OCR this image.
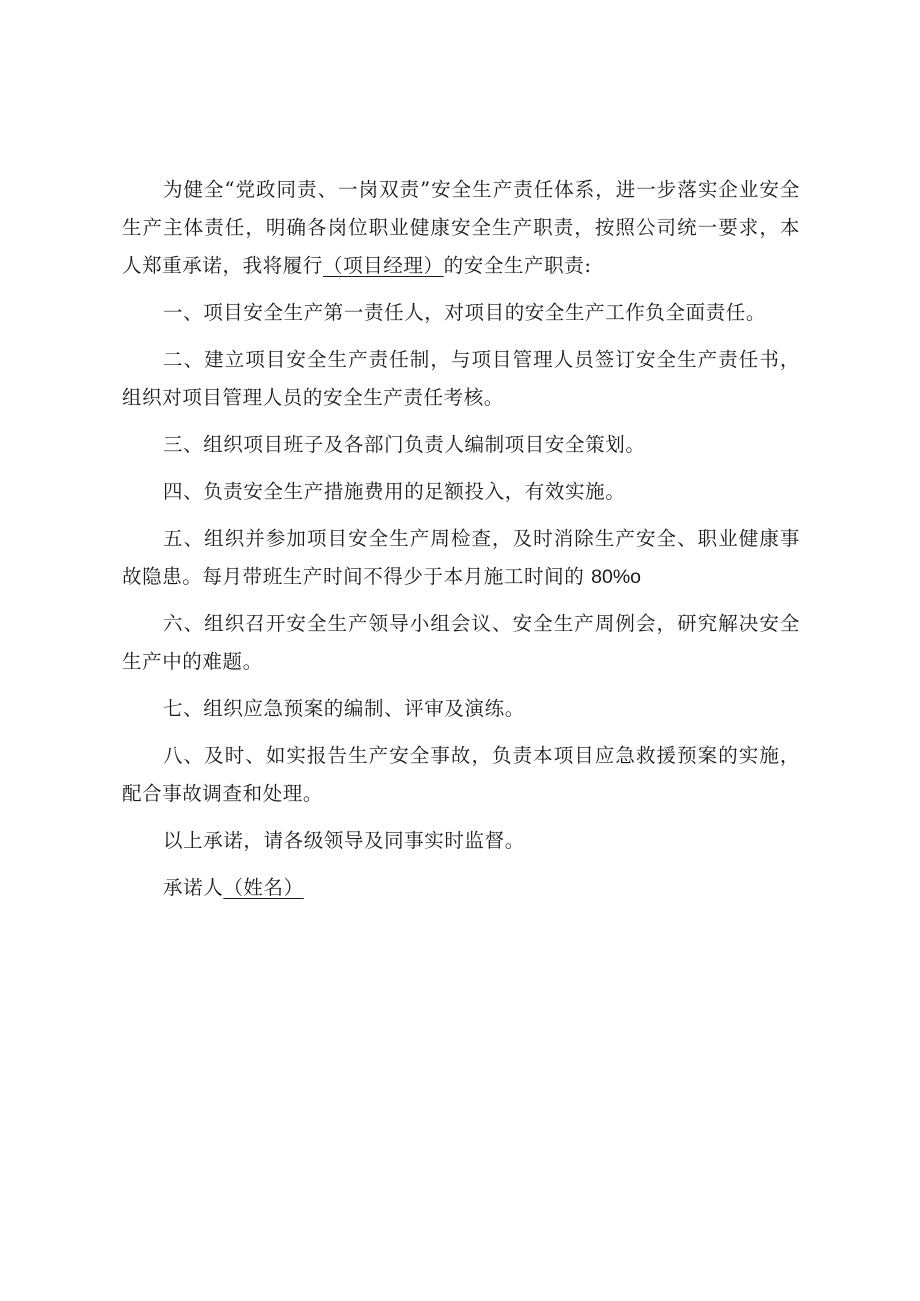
为健全“党政同责、一岗双责”安全生产责任体系，进一步落实企业安全生产主体责任，明确各岗位职业健康安全生产职责，按照公司统一要求，本人郑重承诺，我将履行（项目经理）的安全生产职责:

一、项目安全生产第一责任人，对项目的安全生产工作负全面责任。

二、建立项目安全生产责任制，与项目管理人员签订安全生产责任书，组织对项目管理人员的安全生产责任考核。

三、组织项目班子及各部门负责人编制项目安全策划。

四、负责安全生产措施费用的足额投入，有效实施。

五、组织并参加项目安全生产周检查，及时消除生产安全、职业健康事故隐患。每月带班生产时间不得少于本月施工时间的 80%o

六、组织召开安全生产领导小组会议、安全生产周例会，研究解决安全生产中的难题。

七、组织应急预案的编制、评审及演练。

八、及时、如实报告生产安全事故，负责本项目应急救援预案的实施，配合事故调查和处理。

以上承诺，请各级领导及同事实时监督。

承诺人（姓名）
